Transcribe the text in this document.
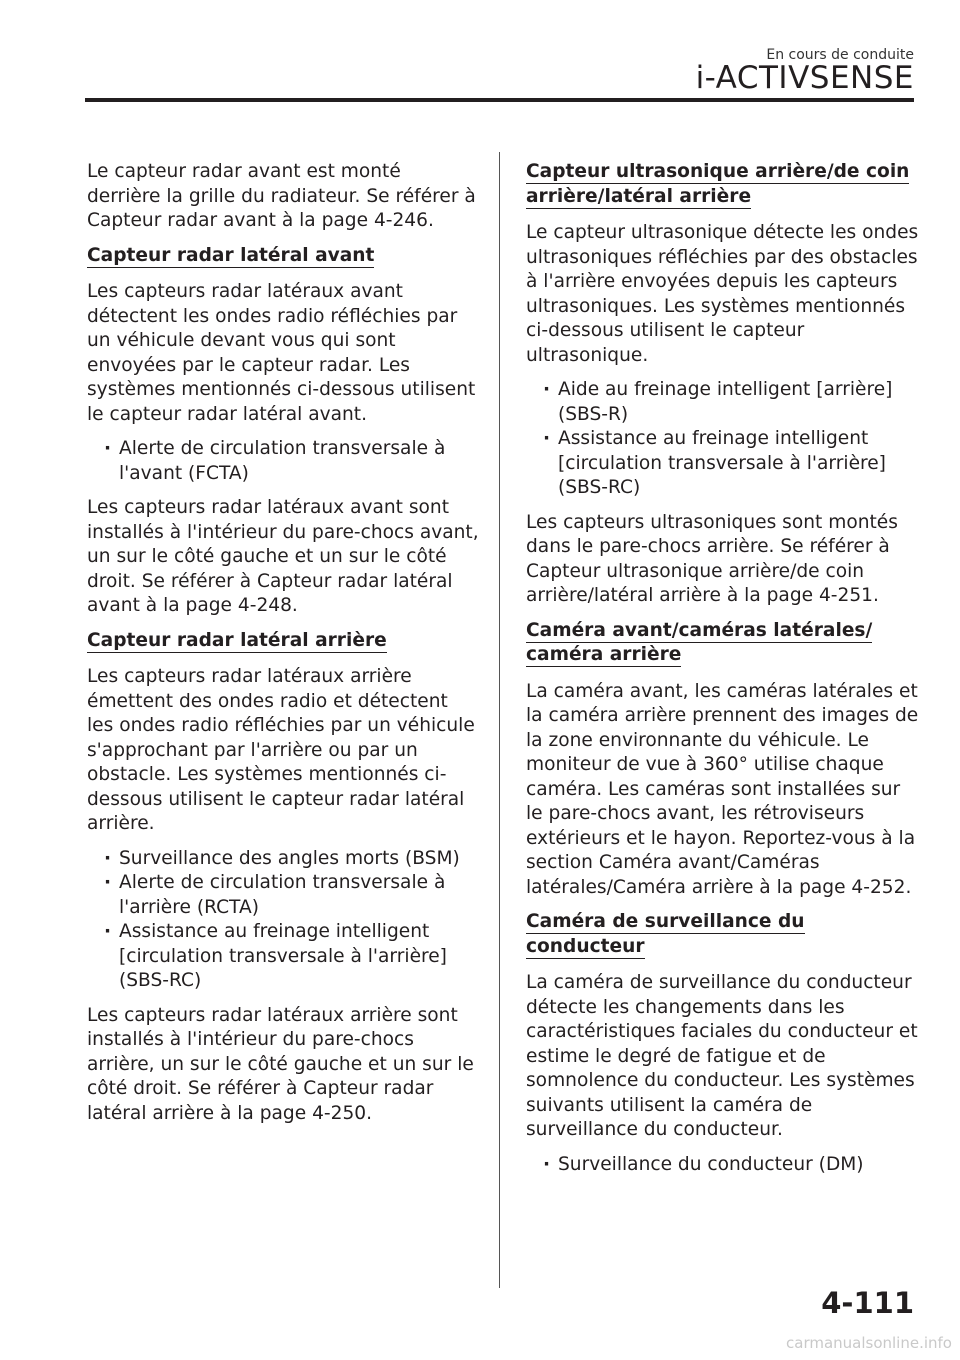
En cours de conduite
i-ACTIVSENSE

Le capteur radar avant est monté derrière la grille du radiateur. Se référer à Capteur radar avant à la page 4-246.

Capteur radar latéral avant

Les capteurs radar latéraux avant détectent les ondes radio réfléchies par un véhicule devant vous qui sont envoyées par le capteur radar. Les systèmes mentionnés ci-dessous utilisent le capteur radar latéral avant.

· Alerte de circulation transversale à l'avant (FCTA)

Les capteurs radar latéraux avant sont installés à l'intérieur du pare-chocs avant, un sur le côté gauche et un sur le côté droit. Se référer à Capteur radar latéral avant à la page 4-248.

Capteur radar latéral arrière

Les capteurs radar latéraux arrière émettent des ondes radio et détectent les ondes radio réfléchies par un véhicule s'approchant par l'arrière ou par un obstacle. Les systèmes mentionnés ci-dessous utilisent le capteur radar latéral arrière.

· Surveillance des angles morts (BSM)
· Alerte de circulation transversale à l'arrière (RCTA)
· Assistance au freinage intelligent [circulation transversale à l'arrière] (SBS-RC)

Les capteurs radar latéraux arrière sont installés à l'intérieur du pare-chocs arrière, un sur le côté gauche et un sur le côté droit. Se référer à Capteur radar latéral arrière à la page 4-250.

Capteur ultrasonique arrière/de coin arrière/latéral arrière

Le capteur ultrasonique détecte les ondes ultrasoniques réfléchies par des obstacles à l'arrière envoyées depuis les capteurs ultrasoniques. Les systèmes mentionnés ci-dessous utilisent le capteur ultrasonique.

· Aide au freinage intelligent [arrière] (SBS-R)
· Assistance au freinage intelligent [circulation transversale à l'arrière] (SBS-RC)

Les capteurs ultrasoniques sont montés dans le pare-chocs arrière. Se référer à Capteur ultrasonique arrière/de coin arrière/latéral arrière à la page 4-251.

Caméra avant/caméras latérales/ caméra arrière

La caméra avant, les caméras latérales et la caméra arrière prennent des images de la zone environnante du véhicule. Le moniteur de vue à 360° utilise chaque caméra. Les caméras sont installées sur le pare-chocs avant, les rétroviseurs extérieurs et le hayon. Reportez-vous à la section Caméra avant/Caméras latérales/Caméra arrière à la page 4-252.

Caméra de surveillance du conducteur

La caméra de surveillance du conducteur détecte les changements dans les caractéristiques faciales du conducteur et estime le degré de fatigue et de somnolence du conducteur. Les systèmes suivants utilisent la caméra de surveillance du conducteur.

· Surveillance du conducteur (DM)
4-111
carmanualsonline.info
